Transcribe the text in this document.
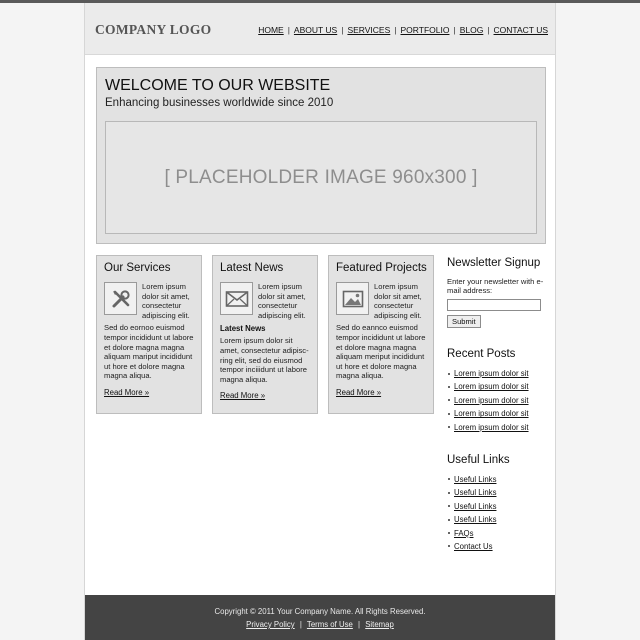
COMPANY LOGO	HOME | ABOUT US | SERVICES | PORTFOLIO | BLOG | CONTACT US
WELCOME TO OUR WEBSITE
Enhancing businesses worldwide since 2010
[ PLACEHOLDER IMAGE 960x300 ]
Our Services
Lorem ipsum dolor sit amet, consectetur adipiscing elit.
Sed do eornoo euismod tempor incididunt ut labore et dolore magna magna aliquam mariput incididunt ut hore et dolore magna magna aliqua.
Read More »
Latest News
Lorem ipsum dolor sit amet, consectetur adipiscing elit.
Latest News
Lorem ipsum dolor sit amet, consectetur adipisc-ring elit, sed do eiusmod tempor inciiidunt ut labore magna aliqua.
Read More »
Featured Projects
Lorem ipsum dolor sit amet, consectetur adipiscing elit.
Sed do eannco euismod tempor incididunt ut labore et dolore magna magna aliquam meriput incididunt ut hore et dolore magna magna aliqua.
Read More »
Newsletter Signup
Enter your newsletter with e-mail address:
Submit
Recent Posts
Lorem ipsum dolor sit
Lorem ipsum dolor sit
Lorem ipsum dolor sit
Lorem ipsum dolor sit
Lorem ipsum dolor sit
Useful Links
Useful Links
Useful Links
Useful Links
Useful Links
FAQs
Contact Us
Copyright © 2011 Your Company Name. All Rights Reserved.
Privacy Policy | Terms of Use | Sitemap
